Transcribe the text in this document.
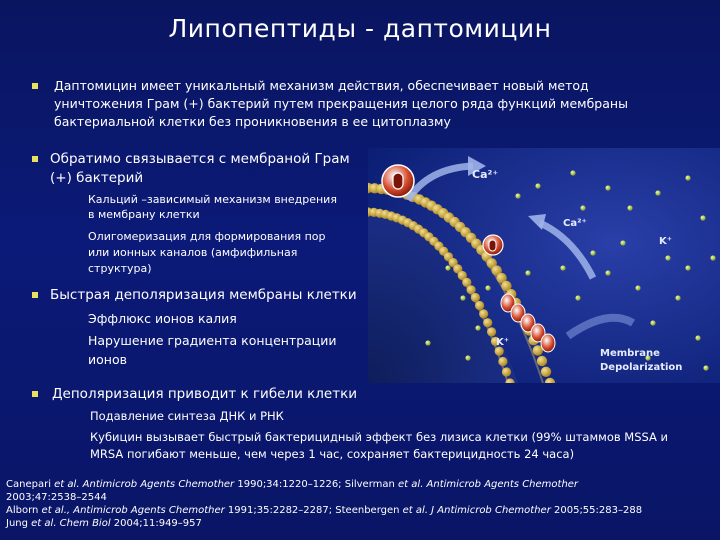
Липопептиды - даптомицин
Даптомицин имеет уникальный механизм действия, обеспечивает новый метод
уничтожения Грам (+) бактерий путем прекращения целого ряда функций мембраны
бактериальной клетки без проникновения в ее цитоплазму
Обратимо связывается с мембраной Грам
(+) бактерий
Кальций –зависимый механизм внедрения
в мембрану клетки
Олигомеризация для формирования пор
или ионных каналов (амфифильная
структура)
Быстрая деполяризация мембраны клетки
Эффлюкс ионов калия
Нарушение градиента концентрации
ионов
Деполяризация приводит к гибели клетки
Подавление синтеза ДНК и РНК
Кубицин вызывает быстрый бактерицидный эффект без лизиса клетки (99% штаммов MSSA и
MRSA погибают меньше, чем через 1 час, сохраняет бактерицидность 24 часа)
Ca²⁺
Ca²⁺
K⁺
K⁺
Membrane
Depolarization
Canepari et al. Antimicrob Agents Chemother 1990;34:1220–1226; Silverman et al. Antimicrob Agents Chemother
2003;47:2538–2544
Alborn et al., Antimicrob Agents Chemother 1991;35:2282–2287; Steenbergen et al. J Antimicrob Chemother 2005;55:283–288
Jung et al. Chem Biol 2004;11:949–957
